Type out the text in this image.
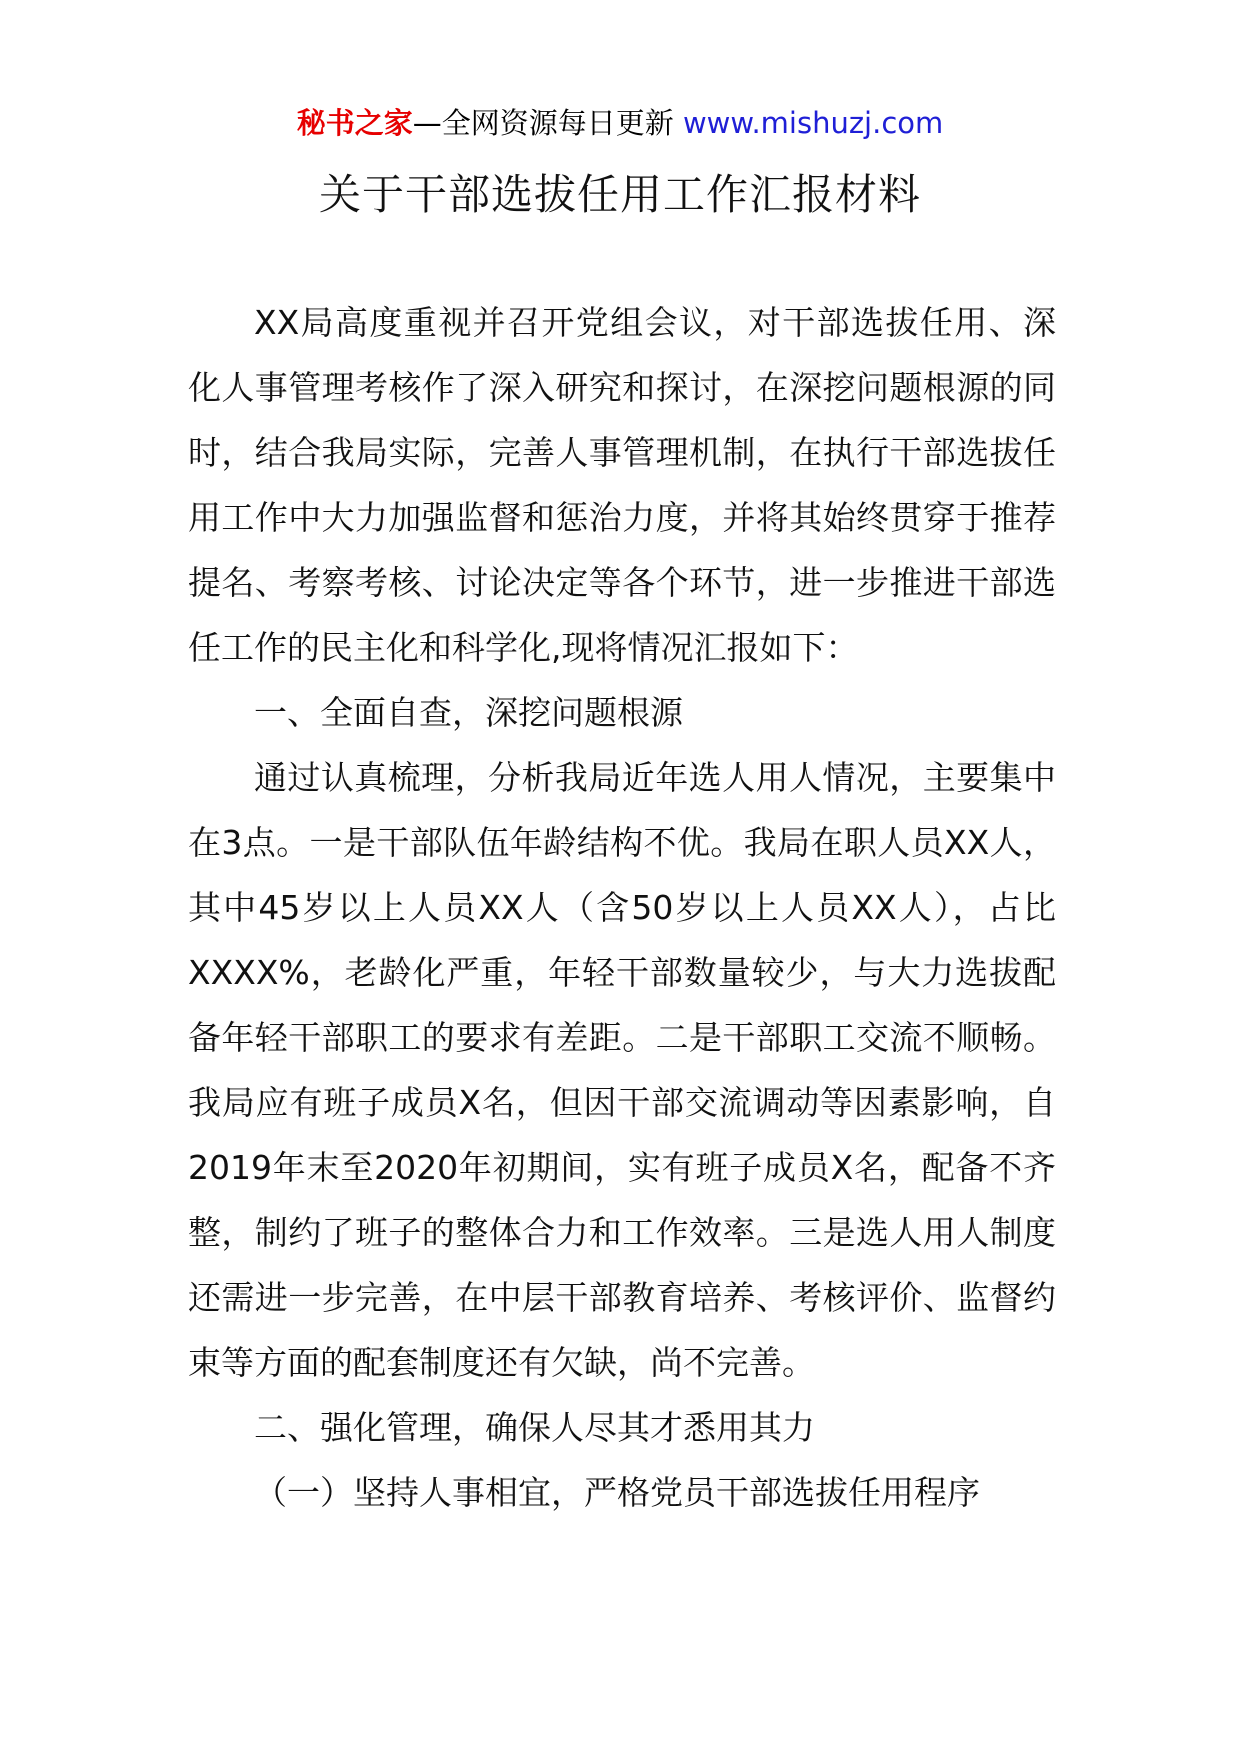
秘书之家—全网资源每日更新 www.mishuzj.com
关于干部选拔任用工作汇报材料

XX局高度重视并召开党组会议，对干部选拔任用、深化人事管理考核作了深入研究和探讨，在深挖问题根源的同时，结合我局实际，完善人事管理机制，在执行干部选拔任用工作中大力加强监督和惩治力度，并将其始终贯穿于推荐提名、考察考核、讨论决定等各个环节，进一步推进干部选任工作的民主化和科学化,现将情况汇报如下：

一、全面自查，深挖问题根源

通过认真梳理，分析我局近年选人用人情况，主要集中在3点。一是干部队伍年龄结构不优。我局在职人员XX人，其中45岁以上人员XX人（含50岁以上人员XX人），占比XXXX%，老龄化严重，年轻干部数量较少，与大力选拔配备年轻干部职工的要求有差距。二是干部职工交流不顺畅。我局应有班子成员X名，但因干部交流调动等因素影响，自2019年末至2020年初期间，实有班子成员X名，配备不齐整，制约了班子的整体合力和工作效率。三是选人用人制度还需进一步完善，在中层干部教育培养、考核评价、监督约束等方面的配套制度还有欠缺，尚不完善。

二、强化管理，确保人尽其才悉用其力

（一）坚持人事相宜，严格党员干部选拔任用程序
